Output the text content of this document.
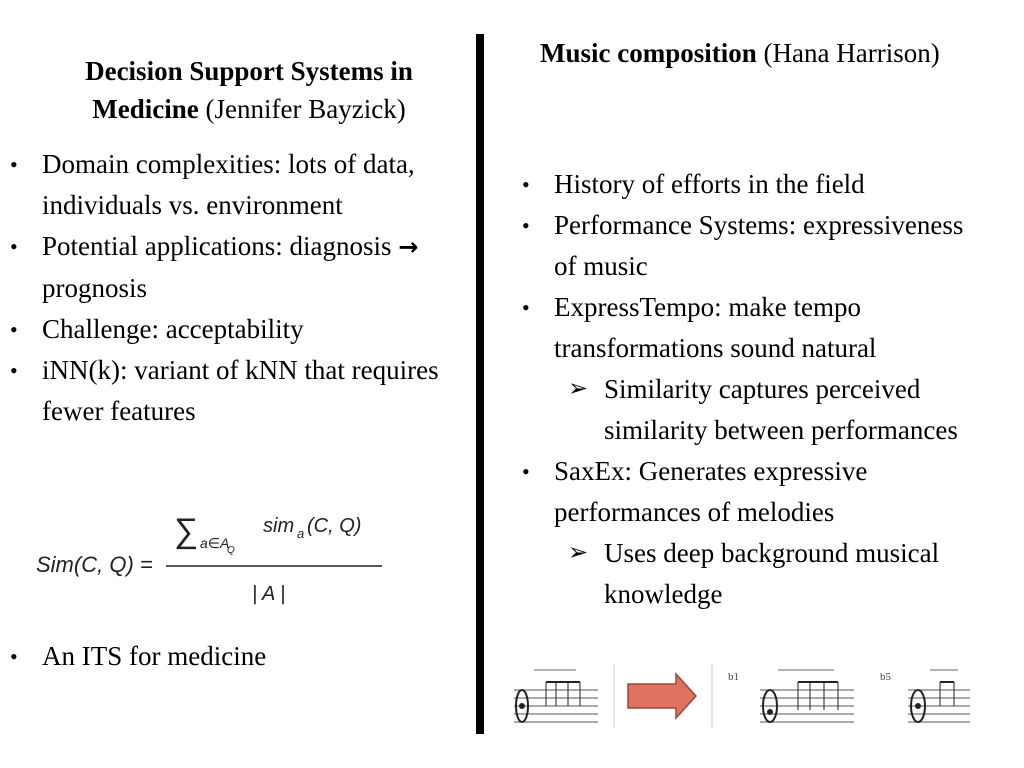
Decision Support Systems in Medicine (Jennifer Bayzick)

• Domain complexities: lots of data, individuals vs. environment
• Potential applications: diagnosis → prognosis
• Challenge: acceptability
• iNN(k): variant of kNN that requires fewer features
Sim(C, Q) =
∑ a∈A
Q
sim a (C, Q)
| A |
• An ITS for medicine

Music composition (Hana Harrison)

• History of efforts in the field
• Performance Systems: expressiveness of music
• ExpressTempo: make tempo transformations sound natural
➢ Similarity captures perceived similarity between performances
• SaxEx: Generates expressive performances of melodies
➢ Uses deep background musical knowledge
b1	b5
